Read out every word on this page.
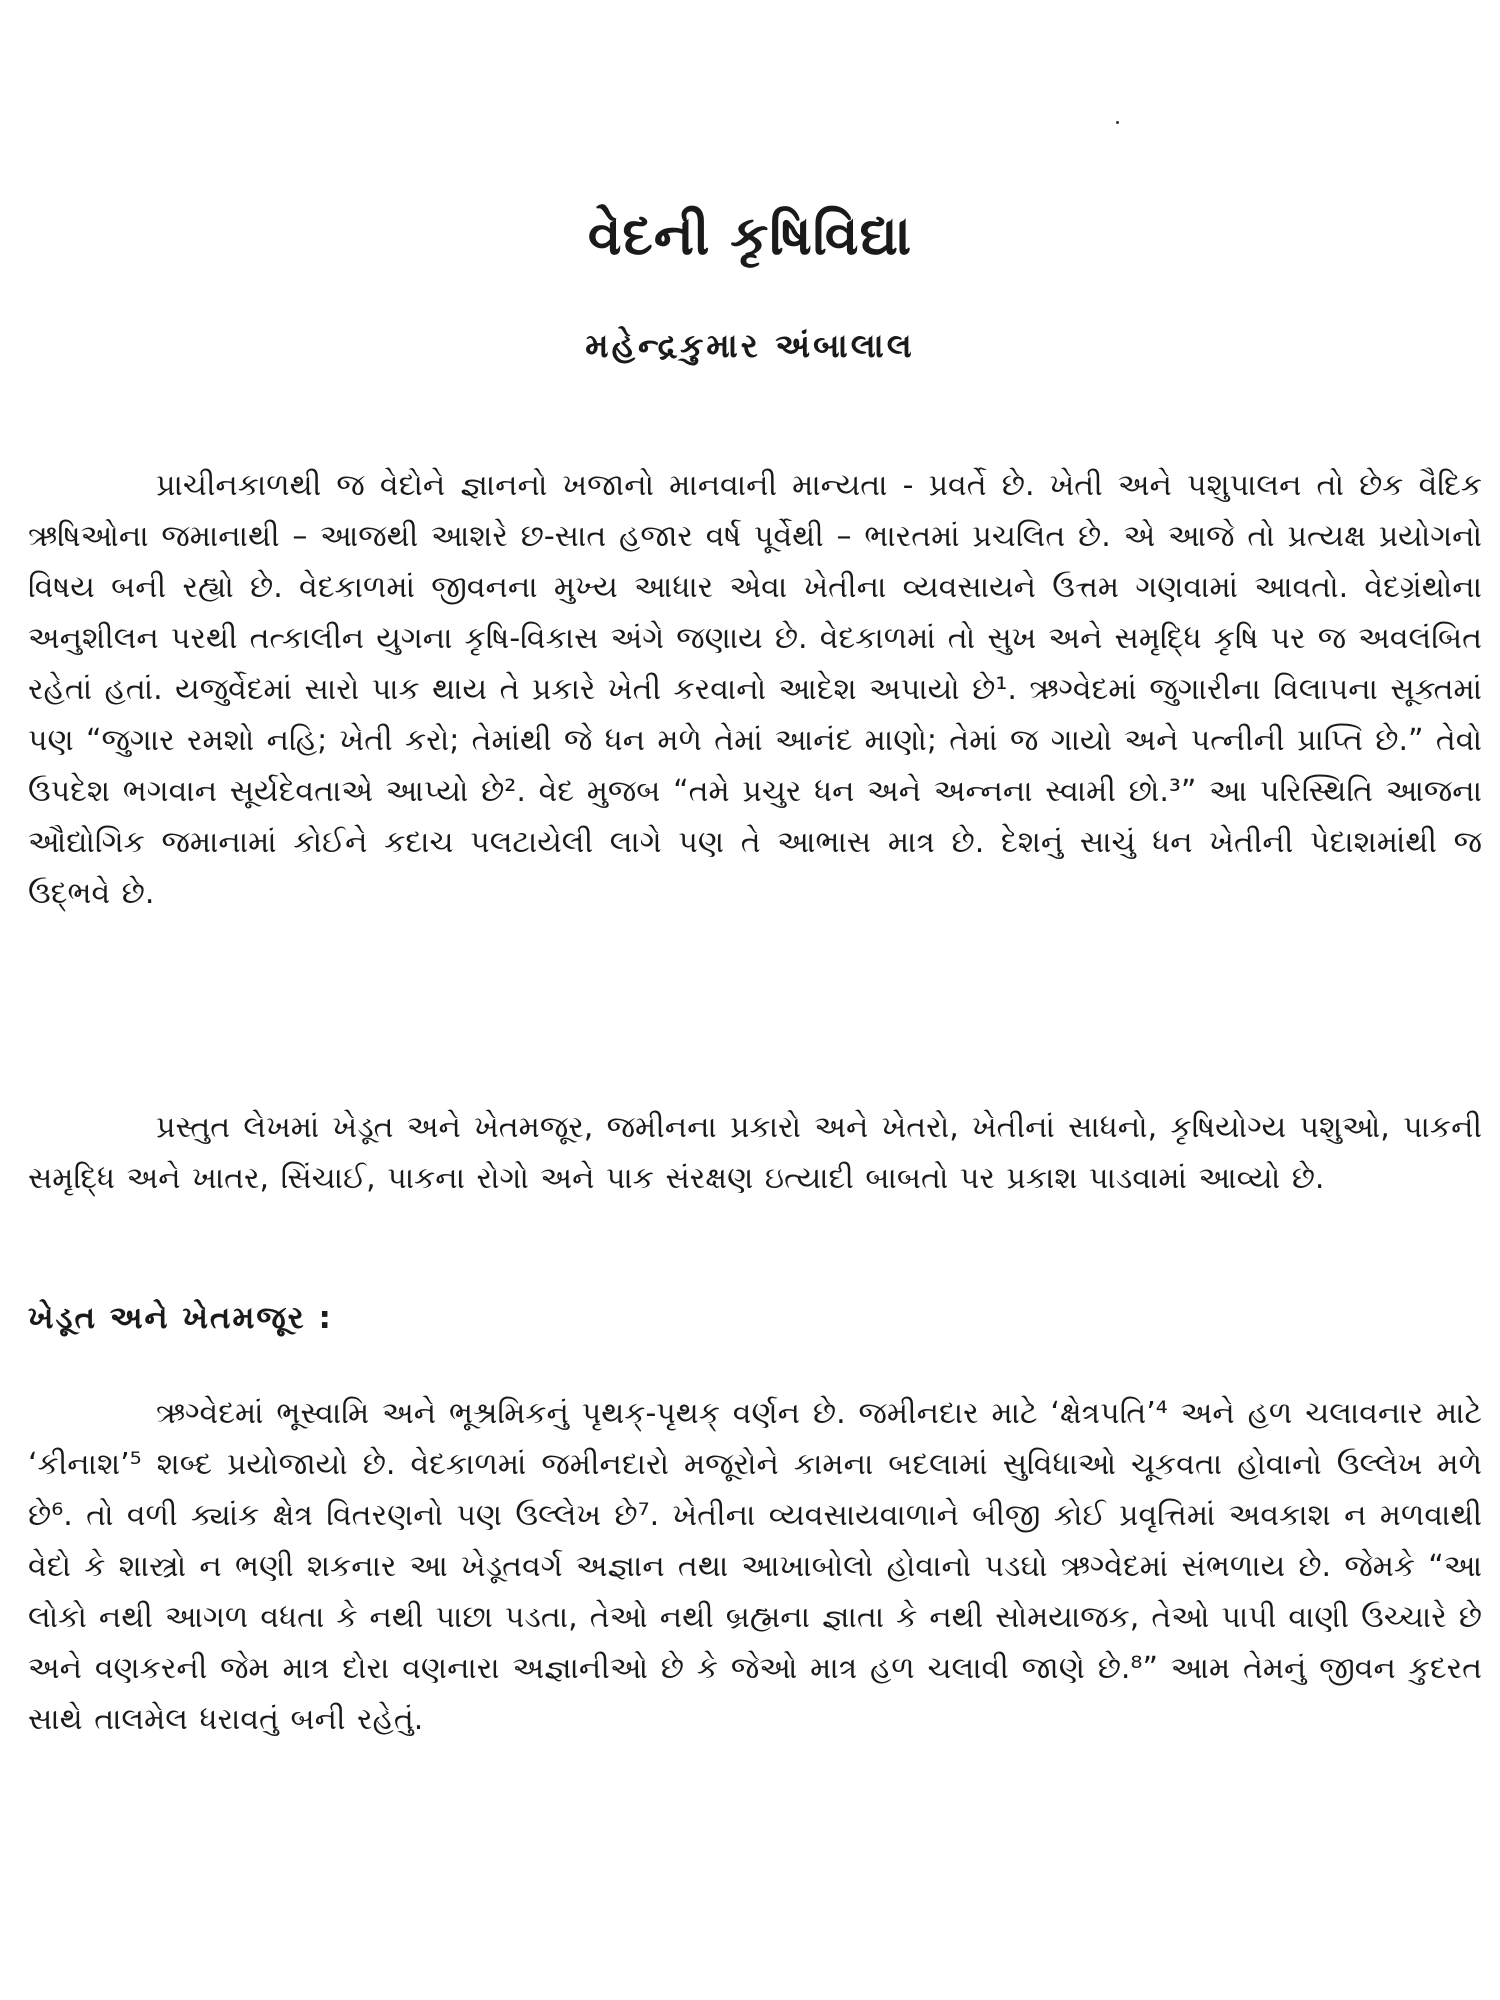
વેદની કૃષિવિદ્યા
મહેન્દ્રકુમાર અંબાલાલ

પ્રાચીનકાળથી જ વેદોને જ્ઞાનનો ખજાનો માનવાની માન્યતા - પ્રવર્તે છે. ખેતી અને પશુપાલન તો છેક વૈદિક ઋષિઓના જમાનાથી – આજથી આશરે છ-સાત હજાર વર્ષ પૂર્વેથી – ભારતમાં પ્રચલિત છે. એ આજે તો પ્રત્યક્ષ પ્રયોગનો વિષય બની રહ્યો છે. વેદકાળમાં જીવનના મુખ્ય આધાર એવા ખેતીના વ્યવસાયને ઉત્તમ ગણવામાં આવતો. વેદગ્રંથોના અનુશીલન પરથી તત્કાલીન યુગના કૃષિ-વિકાસ અંગે જણાય છે. વેદકાળમાં તો સુખ અને સમૃદ્ધિ કૃષિ પર જ અવલંબિત રહેતાં હતાં. યજુર્વેદમાં સારો પાક થાય તે પ્રકારે ખેતી કરવાનો આદેશ અપાયો છે¹. ઋગ્વેદમાં જુગારીના વિલાપના સૂક્તમાં પણ “જુગાર રમશો નહિ; ખેતી કરો; તેમાંથી જે ધન મળે તેમાં આનંદ માણો; તેમાં જ ગાયો અને પત્નીની પ્રાપ્તિ છે.” તેવો ઉપદેશ ભગવાન સૂર્યદેવતાએ આપ્યો છે². વેદ મુજબ “તમે પ્રચુર ધન અને અન્નના સ્વામી છો.³” આ પરિસ્થિતિ આજના ઔદ્યોગિક જમાનામાં કોઈને કદાચ પલટાયેલી લાગે પણ તે આભાસ માત્ર છે. દેશનું સાચું ધન ખેતીની પેદાશમાંથી જ ઉદ્ભવે છે.

પ્રસ્તુત લેખમાં ખેડૂત અને ખેતમજૂર, જમીનના પ્રકારો અને ખેતરો, ખેતીનાં સાધનો, કૃષિયોગ્ય પશુઓ, પાકની સમૃદ્ધિ અને ખાતર, સિંચાઈ, પાકના રોગો અને પાક સંરક્ષણ ઇત્યાદી બાબતો પર પ્રકાશ પાડવામાં આવ્યો છે.

ખેડૂત અને ખેતમજૂર :

ઋગ્વેદમાં ભૂસ્વામિ અને ભૂશ્રમિકનું પૃથક્-પૃથક્ વર્ણન છે. જમીનદાર માટે ‘ક્ષેત્રપતિ’⁴ અને હળ ચલાવનાર માટે ‘કીનાશ’⁵ શબ્દ પ્રયોજાયો છે. વેદકાળમાં જમીનદારો મજૂરોને કામના બદલામાં સુવિધાઓ ચૂકવતા હોવાનો ઉલ્લેખ મળે છે⁶. તો વળી ક્યાંક ક્ષેત્ર વિતરણનો પણ ઉલ્લેખ છે⁷. ખેતીના વ્યવસાયવાળાને બીજી કોઈ પ્રવૃત્તિમાં અવકાશ ન મળવાથી વેદો કે શાસ્ત્રો ન ભણી શકનાર આ ખેડૂતવર્ગ અજ્ઞાન તથા આખાબોલો હોવાનો પડઘો ઋગ્વેદમાં સંભળાય છે. જેમકે “આ લોકો નથી આગળ વધતા કે નથી પાછા પડતા, તેઓ નથી બ્રહ્મના જ્ઞાતા કે નથી સોમયાજક, તેઓ પાપી વાણી ઉચ્ચારે છે અને વણકરની જેમ માત્ર દોરા વણનારા અજ્ઞાનીઓ છે કે જેઓ માત્ર હળ ચલાવી જાણે છે.⁸” આમ તેમનું જીવન કુદરત સાથે તાલમેલ ધરાવતું બની રહેતું.
